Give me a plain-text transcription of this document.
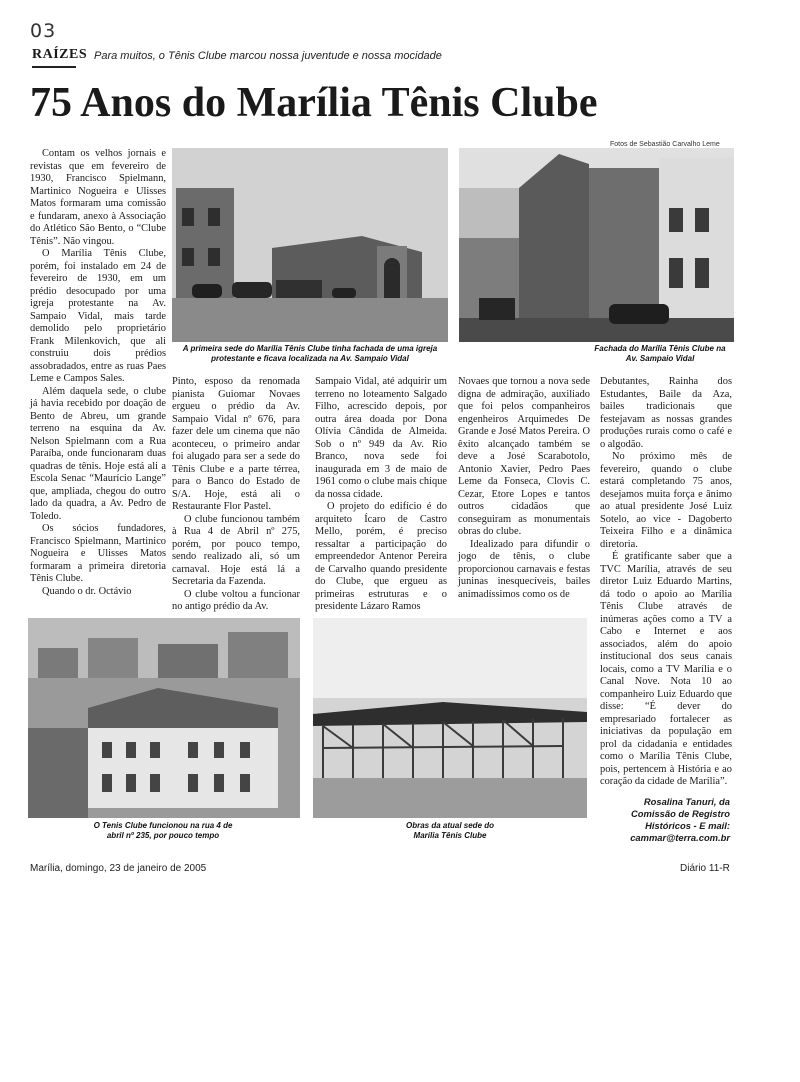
03
RAÍZES Para muitos, o Tênis Clube marcou nossa juventude e nossa mocidade
75 Anos do Marília Tênis Clube
Fotos de Sebastião Carvalho Leme

Contam os velhos jornais e revistas que em fevereiro de 1930, Francisco Spielmann, Martinico Nogueira e Ulisses Matos formaram uma comissão e fundaram, anexo à Associação do Atlético São Bento, o “Clube Tênis”. Não vingou.

O Marília Tênis Clube, porém, foi instalado em 24 de fevereiro de 1930, em um prédio desocupado por uma igreja protestante na Av. Sampaio Vidal, mais tarde demolido pelo proprietário Frank Milenkovich, que ali construiu dois prédios assobradados, entre as ruas Paes Leme e Campos Sales.

Além daquela sede, o clube já havia recebido por doação de Bento de Abreu, um grande terreno na esquina da Av. Nelson Spielmann com a Rua Paraíba, onde funcionaram duas quadras de tênis. Hoje está ali a Escola Senac “Maurício Lange” que, ampliada, chegou do outro lado da quadra, a Av. Pedro de Toledo.

Os sócios fundadores, Francisco Spielmann, Martinico Nogueira e Ulisses Matos formaram a primeira diretoria Tênis Clube.

Quando o dr. Octávio

A primeira sede do Marília Tênis Clube tinha fachada de uma igreja protestante e ficava localizada na Av. Sampaio Vidal
Fachada do Marília Tênis Clube na Av. Sampaio Vidal

Pinto, esposo da renomada pianista Guiomar Novaes ergueu o prédio da Av. Sampaio Vidal nº 676, para fazer dele um cinema que não aconteceu, o primeiro andar foi alugado para ser a sede do Tênis Clube e a parte térrea, para o Banco do Estado de S/A. Hoje, está ali o Restaurante Flor Pastel.

O clube funcionou também à Rua 4 de Abril nº 275, porém, por pouco tempo, sendo realizado ali, só um carnaval. Hoje está lá a Secretaria da Fazenda.

O clube voltou a funcionar no antigo prédio da Av.

Sampaio Vidal, até adquirir um terreno no loteamento Salgado Filho, acrescido depois, por outra área doada por Dona Olívia Cândida de Almeida. Sob o nº 949 da Av. Rio Branco, nova sede foi inaugurada em 3 de maio de 1961 como o clube mais chique da nossa cidade.

O projeto do edifício é do arquiteto Ícaro de Castro Mello, porém, é preciso ressaltar a participação do empreendedor Antenor Pereira de Carvalho quando presidente do Clube, que ergueu as primeiras estruturas e o presidente Lázaro Ramos

Novaes que tornou a nova sede digna de admiração, auxiliado que foi pelos companheiros engenheiros Arquimedes De Grande e José Matos Pereira. O êxito alcançado também se deve a José Scarabotolo, Antonio Xavier, Pedro Paes Leme da Fonseca, Clovis C. Cezar, Etore Lopes e tantos outros cidadãos que conseguiram as monumentais obras do clube.

Idealizado para difundir o jogo de tênis, o clube proporcionou carnavais e festas juninas inesquecíveis, bailes animadíssimos como os de

Debutantes, Rainha dos Estudantes, Baile da Aza, bailes tradicionais que festejavam as nossas grandes produções rurais como o café e o algodão.

No próximo mês de fevereiro, quando o clube estará completando 75 anos, desejamos muita força e ânimo ao atual presidente José Luiz Sotelo, ao vice - Dagoberto Teixeira Filho e a dinâmica diretoria.

É gratificante saber que a TVC Marília, através de seu diretor Luiz Eduardo Martins, dá todo o apoio ao Marília Tênis Clube através de inúmeras ações como a TV a Cabo e Internet e aos associados, além do apoio institucional dos seus canais locais, como a TV Marília e o Canal Nove. Nota 10 ao companheiro Luiz Eduardo que disse: “É dever do empresariado fortalecer as iniciativas da população em prol da cidadania e entidades como o Marília Tênis Clube, pois, pertencem à História e ao coração da cidade de Marília”.

O Tenis Clube funcionou na rua 4 de abril nº 235, por pouco tempo
Obras da atual sede do Marília Tênis Clube
Rosalina Tanuri, da
Comissão de Registro
Históricos - E mail:
cammar@terra.com.br
Marília, domingo, 23 de janeiro de 2005	Diário 11-R
